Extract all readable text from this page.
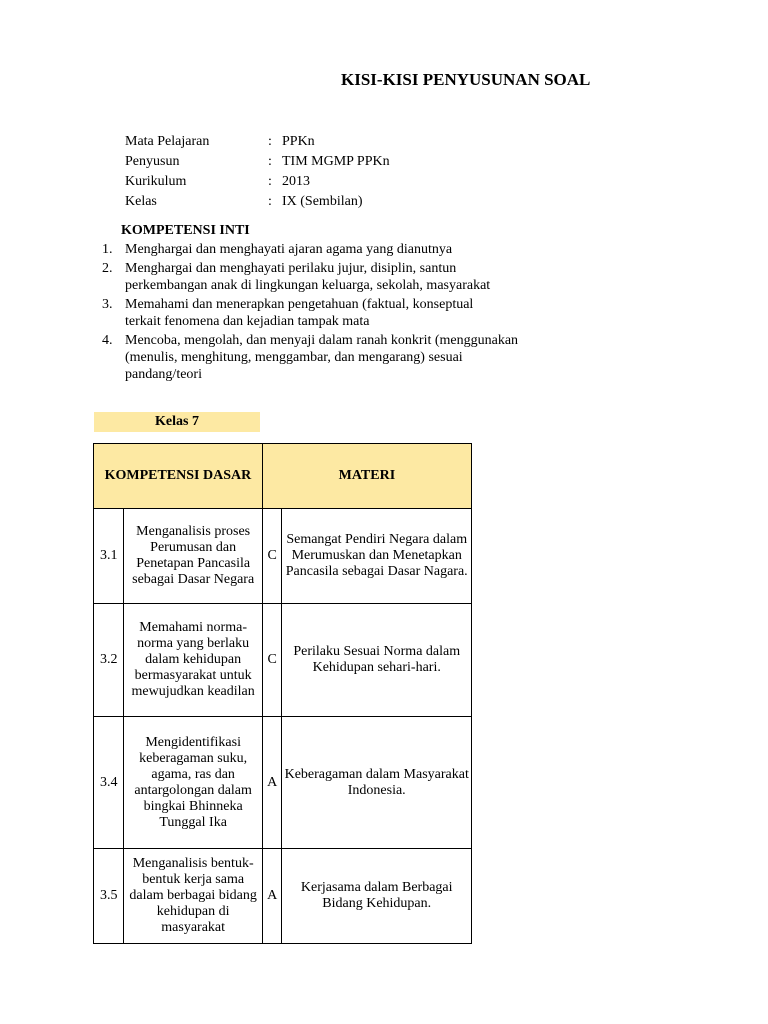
KISI-KISI PENYUSUNAN SOAL
Mata Pelajaran	: PPKn
Penyusun	: TIM MGMP PPKn
Kurikulum	: 2013
Kelas	: IX (Sembilan)
KOMPETENSI INTI
1. Menghargai dan menghayati ajaran agama yang dianutnya
2. Menghargai dan menghayati perilaku jujur, disiplin, santun
perkembangan anak di lingkungan keluarga, sekolah, masyarakat
3. Memahami dan menerapkan pengetahuan (faktual, konseptual
terkait fenomena dan kejadian tampak mata
4. Mencoba, mengolah, dan menyaji dalam ranah konkrit (menggunakan
(menulis, menghitung, menggambar, dan mengarang) sesuai
pandang/teori
Kelas 7
KOMPETENSI DASAR		MATERI	
3.1	Menganalisis proses Perumusan dan Penetapan Pancasila sebagai Dasar Negara	C	Semangat Pendiri Negara dalam Merumuskan dan Menetapkan Pancasila sebagai Dasar Nagara.
3.2	Memahami norma-norma yang berlaku dalam kehidupan bermasyarakat untuk mewujudkan keadilan	C	Perilaku Sesuai Norma dalam Kehidupan sehari-hari.
3.4	Mengidentifikasi keberagaman suku, agama, ras dan antargolongan dalam bingkai Bhinneka Tunggal Ika	A	Keberagaman dalam Masyarakat Indonesia.
3.5	Menganalisis bentuk-bentuk kerja sama dalam berbagai bidang kehidupan di masyarakat	A	Kerjasama dalam Berbagai Bidang Kehidupan.
